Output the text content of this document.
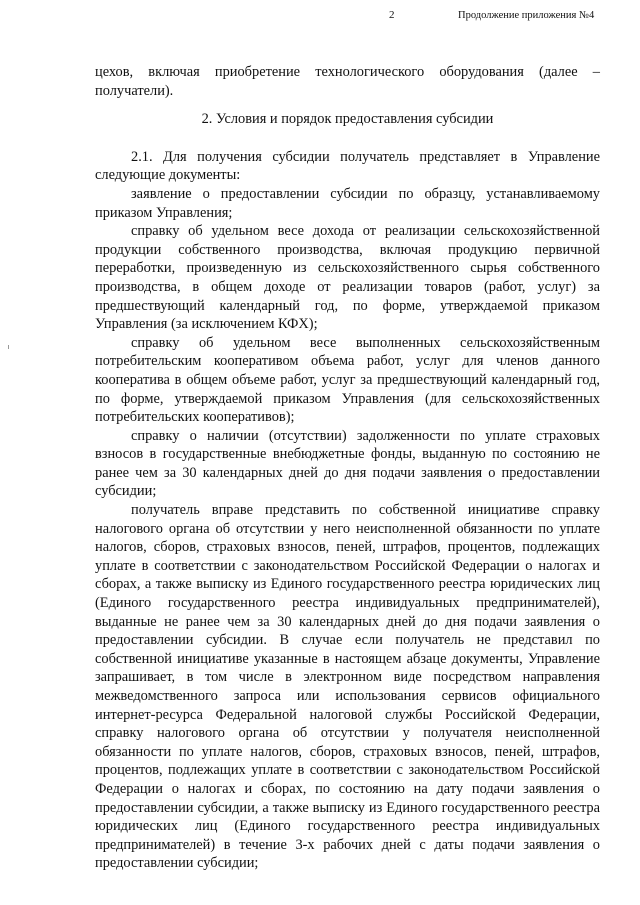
2	Продолжение приложения №4

цехов, включая приобретение технологического оборудования (далее – получатели).

2. Условия и порядок предоставления субсидии

2.1. Для получения субсидии получатель представляет в Управление следующие документы:

заявление о предоставлении субсидии по образцу, устанавливаемому приказом Управления;

справку об удельном весе дохода от реализации сельскохозяйственной продукции собственного производства, включая продукцию первичной переработки, произведенную из сельскохозяйственного сырья собственного производства, в общем доходе от реализации товаров (работ, услуг) за предшествующий календарный год, по форме, утверждаемой приказом Управления (за исключением КФХ);

справку об удельном весе выполненных сельскохозяйственным потребительским кооперативом объема работ, услуг для членов данного кооператива в общем объеме работ, услуг за предшествующий календарный год, по форме, утверждаемой приказом Управления (для сельскохозяйственных потребительских кооперативов);

справку о наличии (отсутствии) задолженности по уплате страховых взносов в государственные внебюджетные фонды, выданную по состоянию не ранее чем за 30 календарных дней до дня подачи заявления о предоставлении субсидии;

получатель вправе представить по собственной инициативе справку налогового органа об отсутствии у него неисполненной обязанности по уплате налогов, сборов, страховых взносов, пеней, штрафов, процентов, подлежащих уплате в соответствии с законодательством Российской Федерации о налогах и сборах, а также выписку из Единого государственного реестра юридических лиц (Единого государственного реестра индивидуальных предпринимателей), выданные не ранее чем за 30 календарных дней до дня подачи заявления о предоставлении субсидии. В случае если получатель не представил по собственной инициативе указанные в настоящем абзаце документы, Управление запрашивает, в том числе в электронном виде посредством направления межведомственного запроса или использования сервисов официального интернет-ресурса Федеральной налоговой службы Российской Федерации, справку налогового органа об отсутствии у получателя неисполненной обязанности по уплате налогов, сборов, страховых взносов, пеней, штрафов, процентов, подлежащих уплате в соответствии с законодательством Российской Федерации о налогах и сборах, по состоянию на дату подачи заявления о предоставлении субсидии, а также выписку из Единого государственного реестра юридических лиц (Единого государственного реестра индивидуальных предпринимателей) в течение 3-х рабочих дней с даты подачи заявления о предоставлении субсидии;
